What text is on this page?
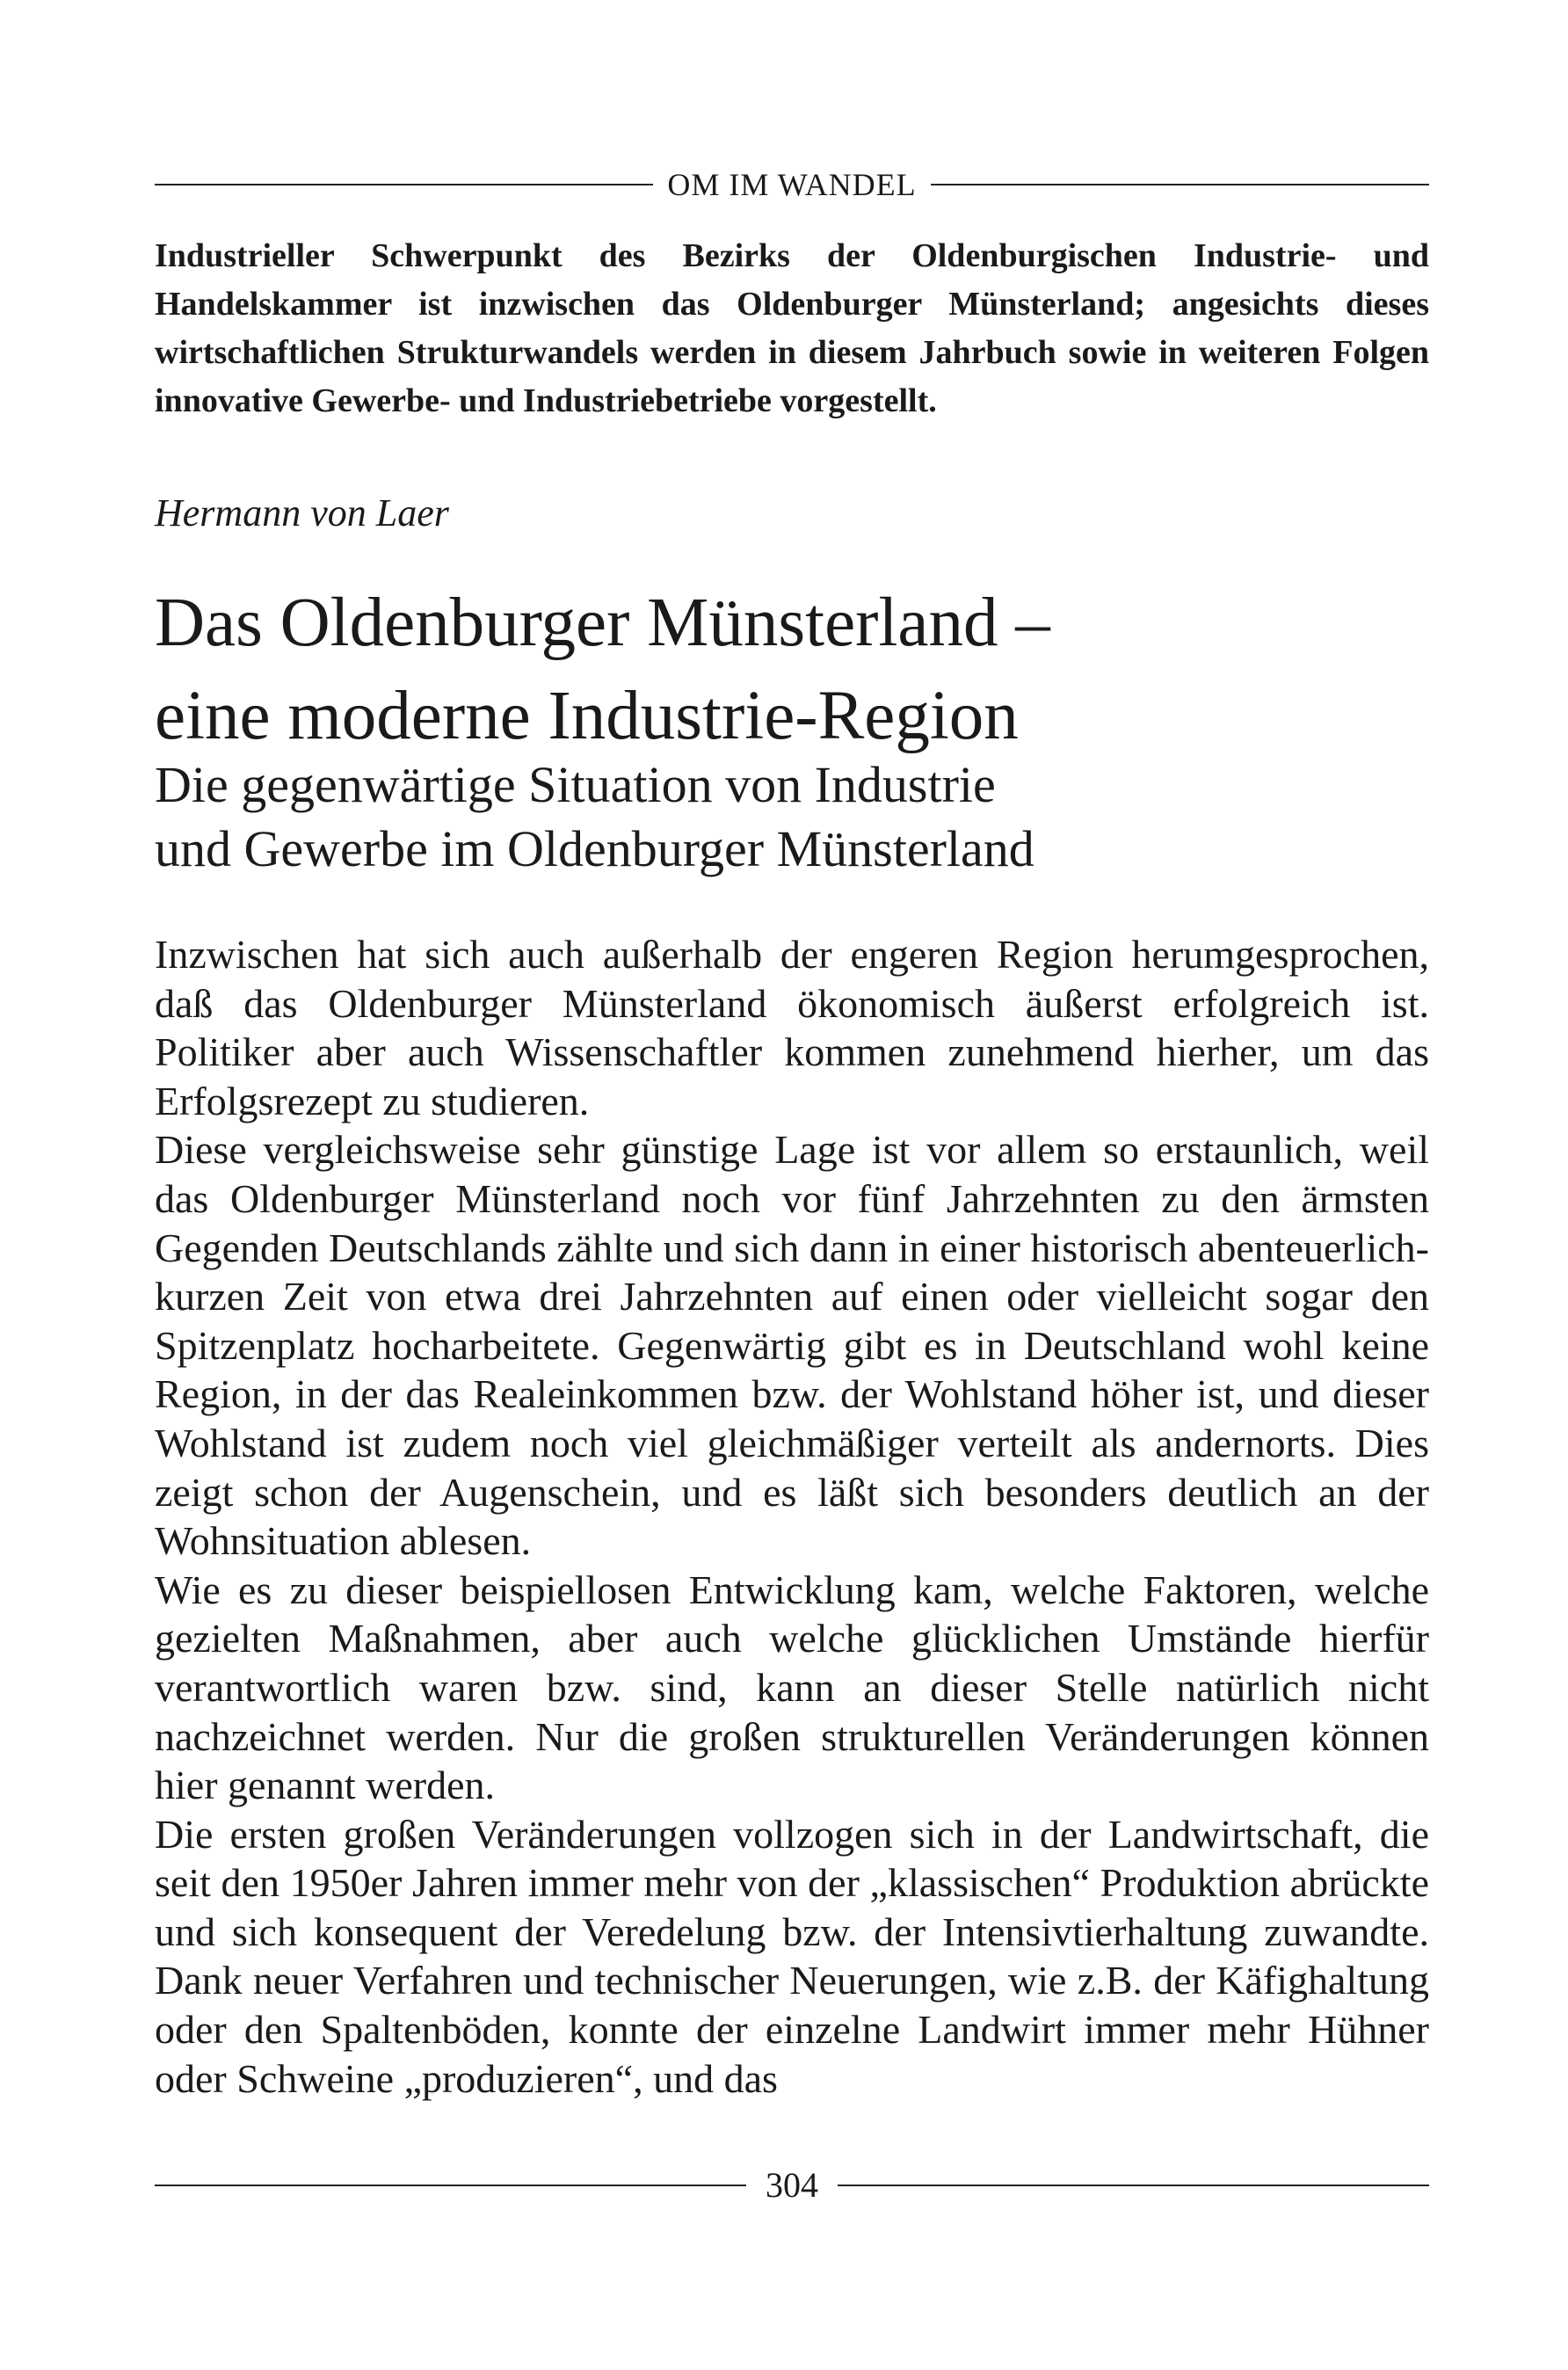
OM IM WANDEL

Industrieller Schwerpunkt des Bezirks der Oldenburgischen Industrie- und Handelskammer ist inzwischen das Oldenburger Münsterland; angesichts dieses wirtschaftlichen Strukturwandels werden in diesem Jahrbuch sowie in weiteren Folgen innovative Gewerbe- und Industriebetriebe vorgestellt.

Hermann von Laer

Das Oldenburger Münsterland –
eine moderne Industrie-Region
Die gegenwärtige Situation von Industrie
und Gewerbe im Oldenburger Münsterland

Inzwischen hat sich auch außerhalb der engeren Region herumgesprochen, daß das Oldenburger Münsterland ökonomisch äußerst erfolgreich ist. Politiker aber auch Wissenschaftler kommen zunehmend hierher, um das Erfolgsrezept zu studieren.

Diese vergleichsweise sehr günstige Lage ist vor allem so erstaunlich, weil das Oldenburger Münsterland noch vor fünf Jahrzehnten zu den ärmsten Gegenden Deutschlands zählte und sich dann in einer historisch abenteuerlich-kurzen Zeit von etwa drei Jahrzehnten auf einen oder vielleicht sogar den Spitzenplatz hocharbeitete. Gegenwärtig gibt es in Deutschland wohl keine Region, in der das Realeinkommen bzw. der Wohlstand höher ist, und dieser Wohlstand ist zudem noch viel gleichmäßiger verteilt als andernorts. Dies zeigt schon der Augenschein, und es läßt sich besonders deutlich an der Wohnsituation ablesen.

Wie es zu dieser beispiellosen Entwicklung kam, welche Faktoren, welche gezielten Maßnahmen, aber auch welche glücklichen Umstände hierfür verantwortlich waren bzw. sind, kann an dieser Stelle natürlich nicht nachzeichnet werden. Nur die großen strukturellen Veränderungen können hier genannt werden.

Die ersten großen Veränderungen vollzogen sich in der Landwirtschaft, die seit den 1950er Jahren immer mehr von der „klassischen“ Produktion abrückte und sich konsequent der Veredelung bzw. der Intensivtierhaltung zuwandte. Dank neuer Verfahren und technischer Neuerungen, wie z.B. der Käfighaltung oder den Spaltenböden, konnte der einzelne Landwirt immer mehr Hühner oder Schweine „produzieren“, und das

304
